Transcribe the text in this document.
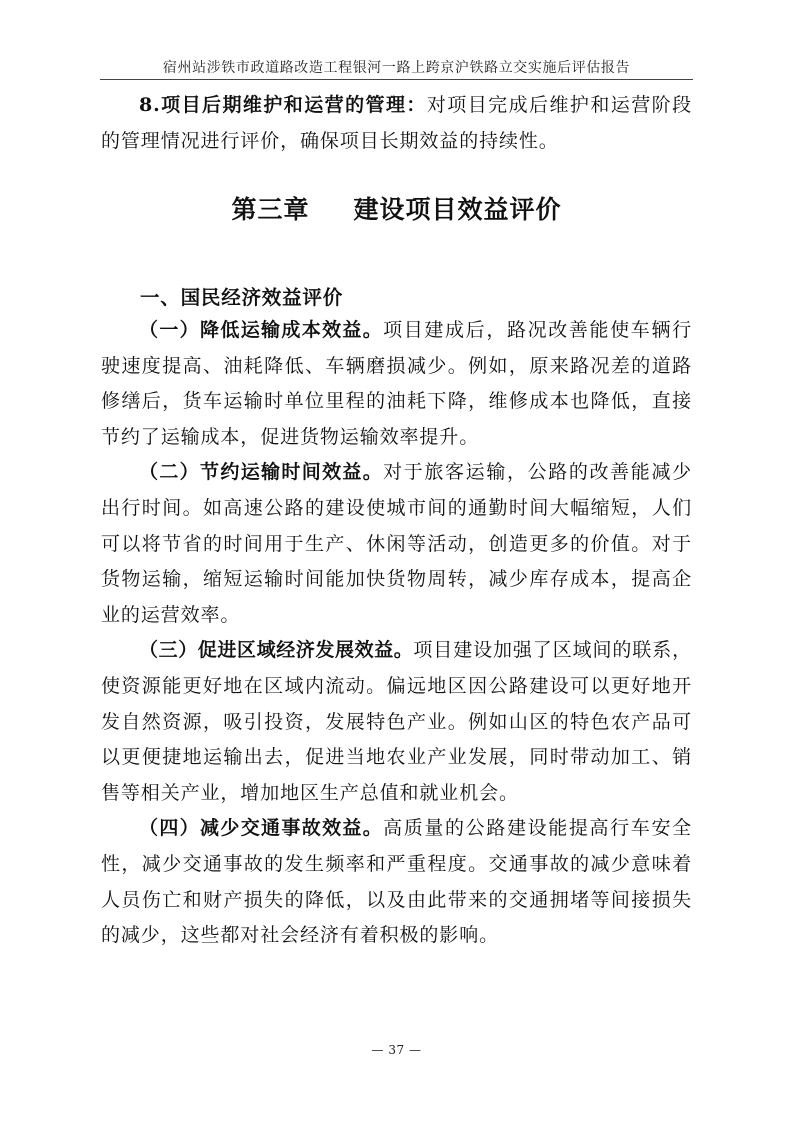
宿州站涉铁市政道路改造工程银河一路上跨京沪铁路立交实施后评估报告

8.项目后期维护和运营的管理：对项目完成后维护和运营阶段的管理情况进行评价，确保项目长期效益的持续性。

第三章 建设项目效益评价
一、国民经济效益评价

（一）降低运输成本效益。项目建成后，路况改善能使车辆行驶速度提高、油耗降低、车辆磨损减少。例如，原来路况差的道路修缮后，货车运输时单位里程的油耗下降，维修成本也降低，直接节约了运输成本，促进货物运输效率提升。

（二）节约运输时间效益。对于旅客运输，公路的改善能减少出行时间。如高速公路的建设使城市间的通勤时间大幅缩短，人们可以将节省的时间用于生产、休闲等活动，创造更多的价值。对于货物运输，缩短运输时间能加快货物周转，减少库存成本，提高企业的运营效率。

（三）促进区域经济发展效益。项目建设加强了区域间的联系，使资源能更好地在区域内流动。偏远地区因公路建设可以更好地开发自然资源，吸引投资，发展特色产业。例如山区的特色农产品可以更便捷地运输出去，促进当地农业产业发展，同时带动加工、销售等相关产业，增加地区生产总值和就业机会。

（四）减少交通事故效益。高质量的公路建设能提高行车安全性，减少交通事故的发生频率和严重程度。交通事故的减少意味着人员伤亡和财产损失的降低，以及由此带来的交通拥堵等间接损失的减少，这些都对社会经济有着积极的影响。

— 37 —
